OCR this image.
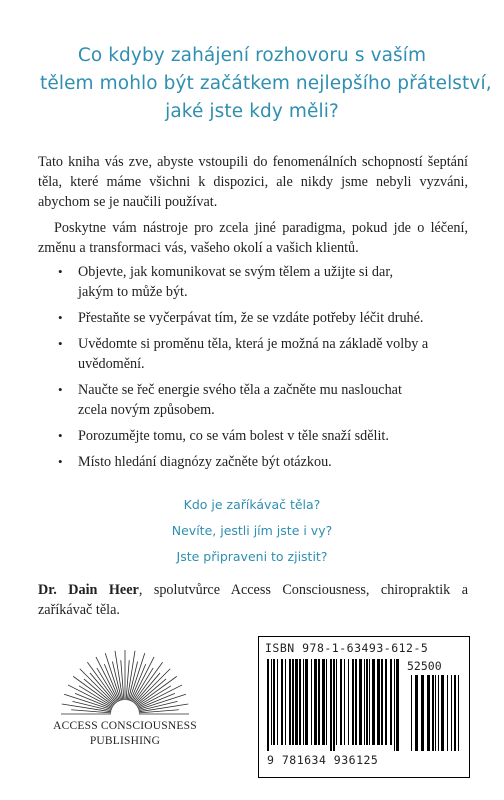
Co kdyby zahájení rozhovoru s vaším
tělem mohlo být začátkem nejlepšího přátelství,
jaké jste kdy měli?

Tato kniha vás zve, abyste vstoupili do fenomenálních schopností šeptání těla, které máme všichni k dispozici, ale nikdy jsme nebyli vyzváni, abychom se je naučili používat.

Poskytne vám nástroje pro zcela jiné paradigma, pokud jde o léčení, změnu a transformaci vás, vašeho okolí a vašich klientů.

• Objevte, jak komunikovat se svým tělem a užijte si dar, jakým to může být.
• Přestaňte se vyčerpávat tím, že se vzdáte potřeby léčit druhé.
• Uvědomte si proměnu těla, která je možná na základě volby a uvědomění.
• Naučte se řeč energie svého těla a začněte mu naslouchat zcela novým způsobem.
• Porozumějte tomu, co se vám bolest v těle snaží sdělit.
• Místo hledání diagnózy začněte být otázkou.
Kdo je zaříkávač těla?
Nevíte, jestli jím jste i vy?
Jste připraveni to zjistit?
Dr. Dain Heer, spolutvůrce Access Consciousness, chiropraktik a zaříkávač těla.
ACCESS CONSCIOUSNESS
PUBLISHING
ISBN 978-1-63493-612-5
52500
9 781634 936125
